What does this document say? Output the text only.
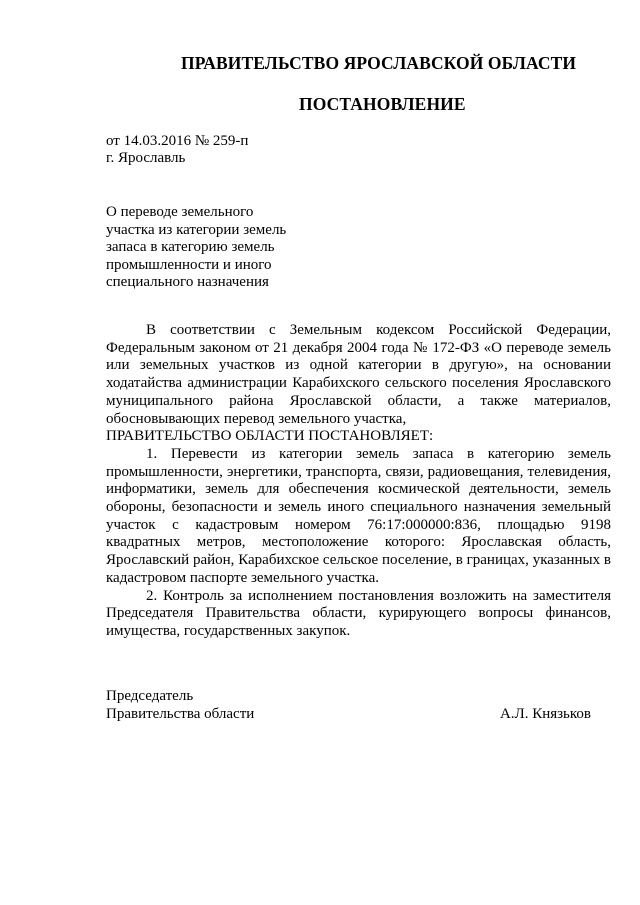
ПРАВИТЕЛЬСТВО ЯРОСЛАВСКОЙ ОБЛАСТИ
ПОСТАНОВЛЕНИЕ
от 14.03.2016 № 259-п
г. Ярославль
О переводе земельного
участка из категории земель
запаса в категорию земель
промышленности и иного
специального назначения

В соответствии с Земельным кодексом Российской Федерации, Федеральным законом от 21 декабря 2004 года № 172-ФЗ «О переводе земель или земельных участков из одной категории в другую», на основании ходатайства администрации Карабихского сельского поселения Ярославского муниципального района Ярославской области, а также материалов, обосновывающих перевод земельного участка,

ПРАВИТЕЛЬСТВО ОБЛАСТИ ПОСТАНОВЛЯЕТ:

1. Перевести из категории земель запаса в категорию земель промышленности, энергетики, транспорта, связи, радиовещания, телевидения, информатики, земель для обеспечения космической деятельности, земель обороны, безопасности и земель иного специального назначения земельный участок с кадастровым номером 76:17:000000:836, площадью 9198 квадратных метров, местоположение которого: Ярославская область, Ярославский район, Карабихское сельское поселение, в границах, указанных в кадастровом паспорте земельного участка.

2. Контроль за исполнением постановления возложить на заместителя Председателя Правительства области, курирующего вопросы финансов, имущества, государственных закупок.

Председатель
Правительства области	А.Л. Князьков
